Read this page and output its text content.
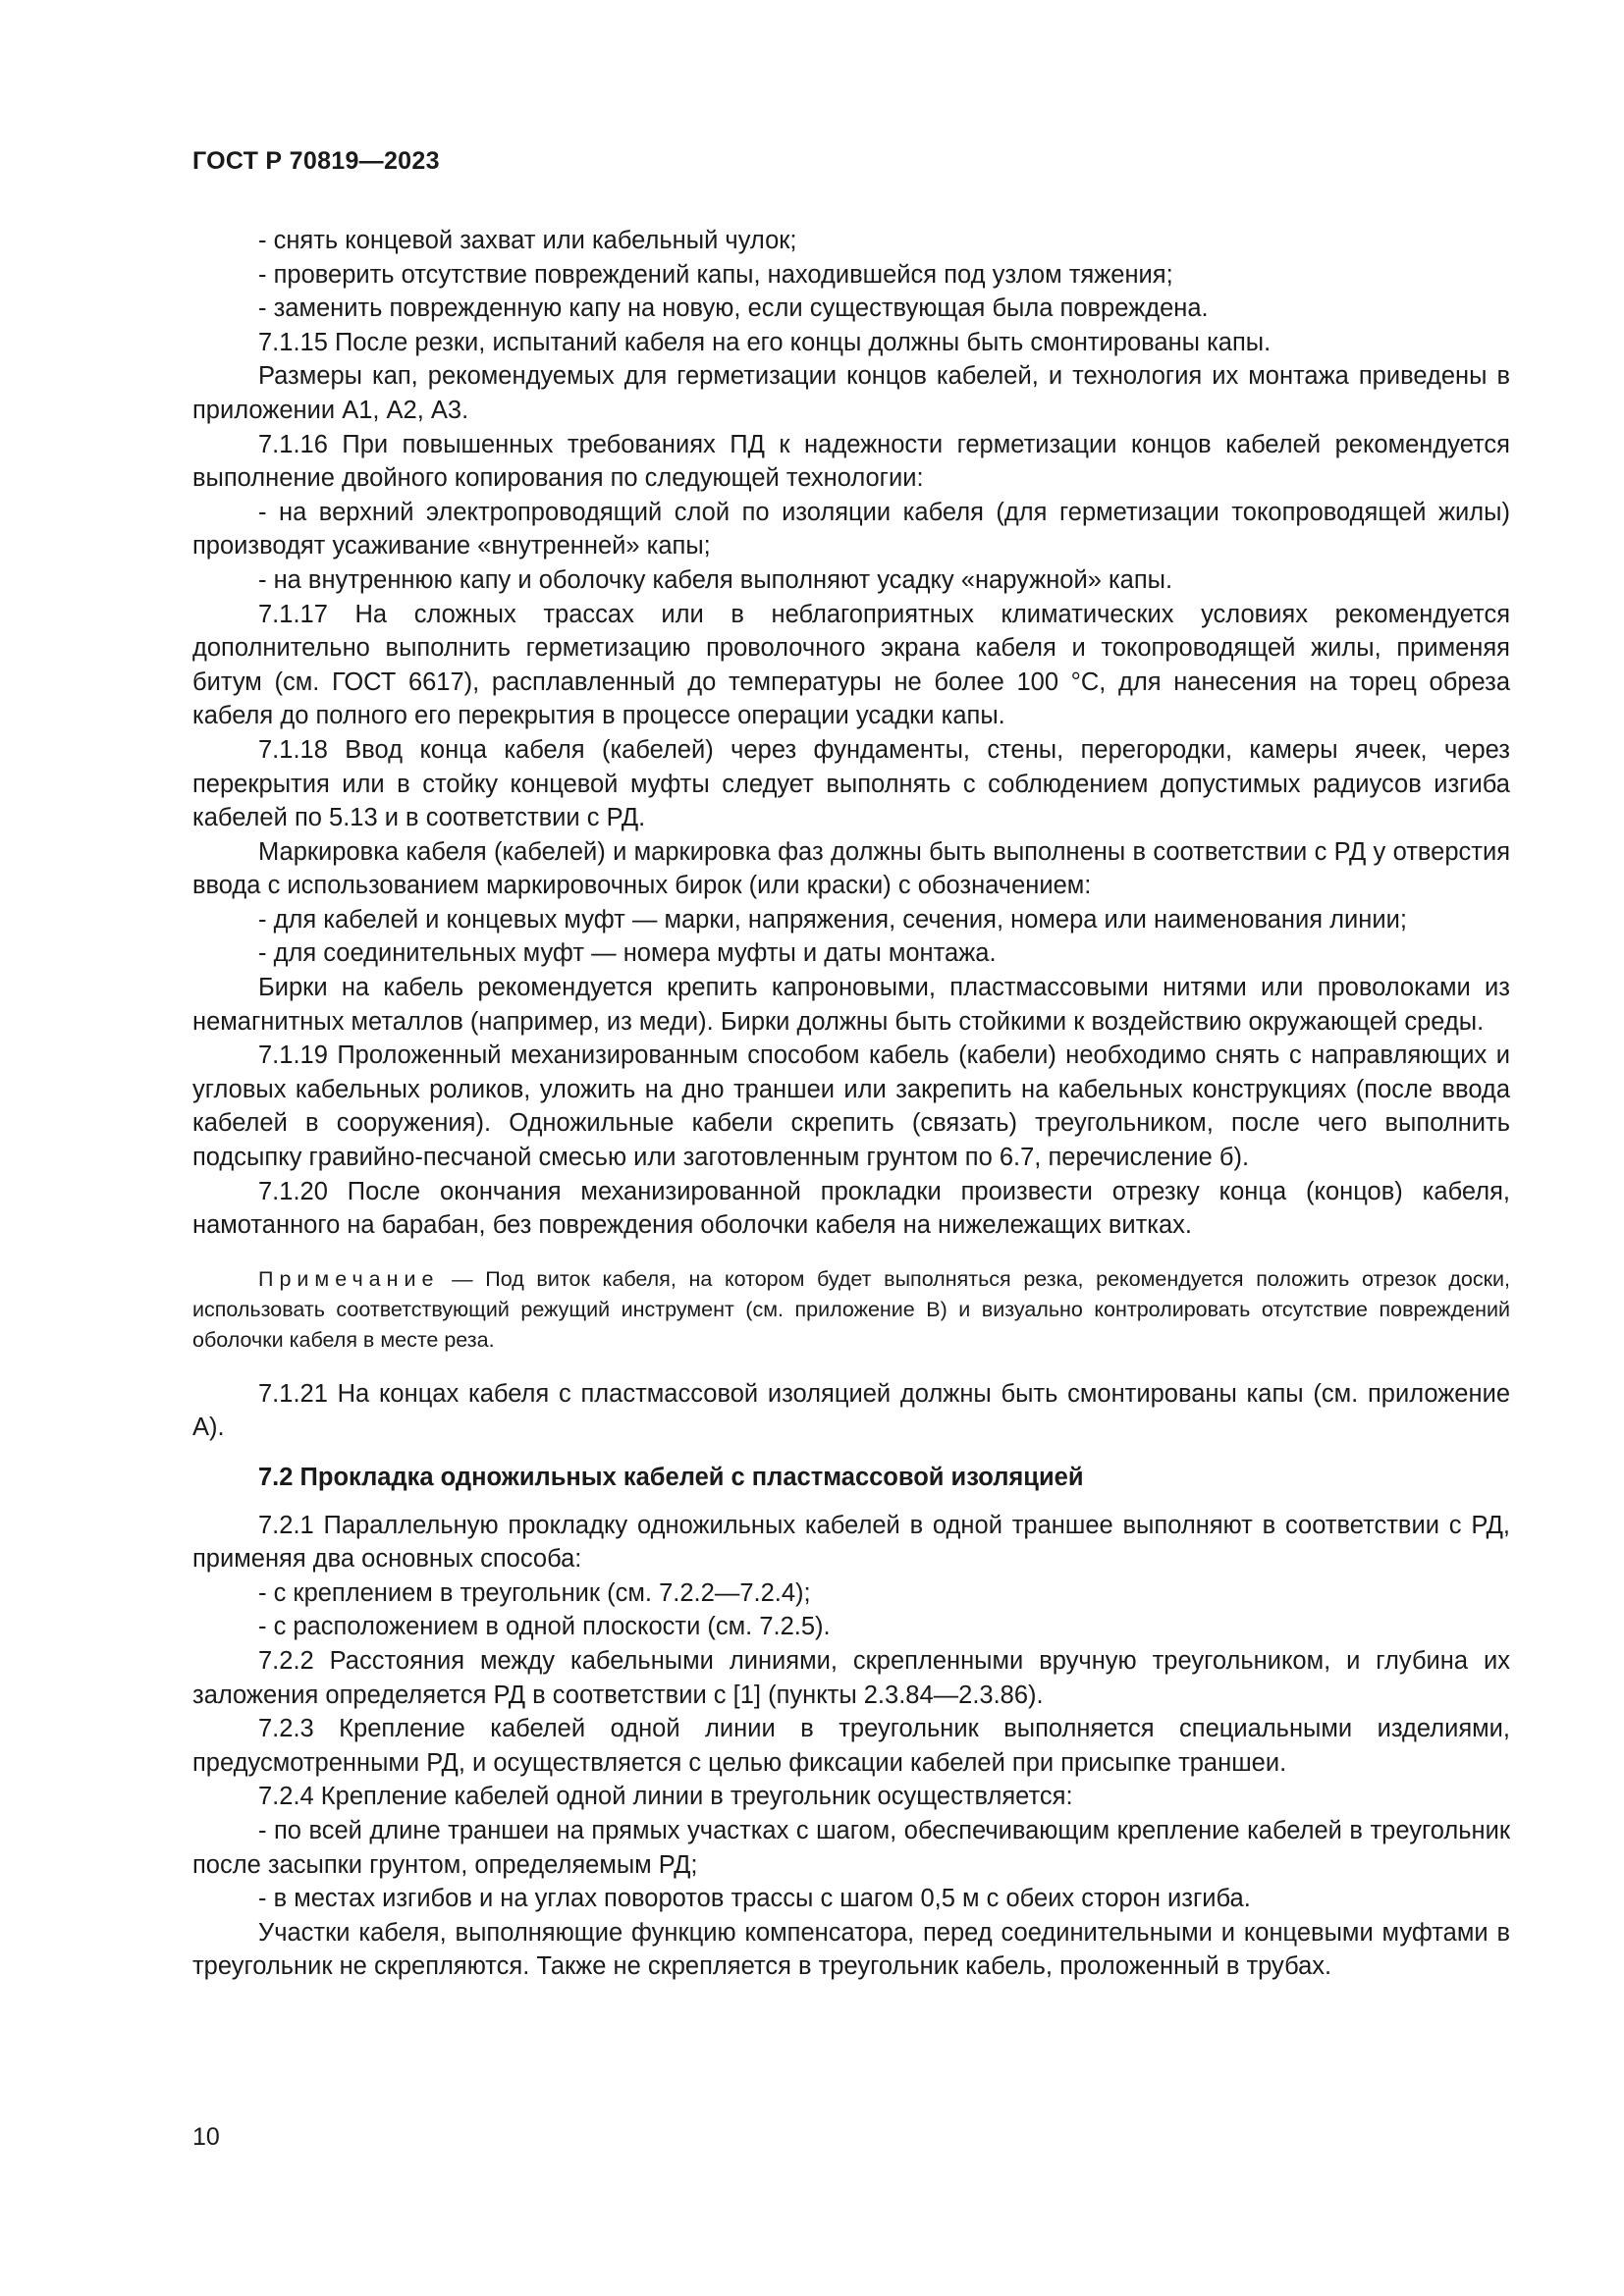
ГОСТ Р 70819—2023

- снять концевой захват или кабельный чулок;

- проверить отсутствие повреждений капы, находившейся под узлом тяжения;

- заменить поврежденную капу на новую, если существующая была повреждена.

7.1.15 После резки, испытаний кабеля на его концы должны быть смонтированы капы.

Размеры кап, рекомендуемых для герметизации концов кабелей, и технология их монтажа приведены в приложении А1, А2, А3.

7.1.16 При повышенных требованиях ПД к надежности герметизации концов кабелей рекомендуется выполнение двойного копирования по следующей технологии:

- на верхний электропроводящий слой по изоляции кабеля (для герметизации токопроводящей жилы) производят усаживание «внутренней» капы;

- на внутреннюю капу и оболочку кабеля выполняют усадку «наружной» капы.

7.1.17 На сложных трассах или в неблагоприятных климатических условиях рекомендуется дополнительно выполнить герметизацию проволочного экрана кабеля и токопроводящей жилы, применяя битум (см. ГОСТ 6617), расплавленный до температуры не более 100 °С, для нанесения на торец обреза кабеля до полного его перекрытия в процессе операции усадки капы.

7.1.18 Ввод конца кабеля (кабелей) через фундаменты, стены, перегородки, камеры ячеек, через перекрытия или в стойку концевой муфты следует выполнять с соблюдением допустимых радиусов изгиба кабелей по 5.13 и в соответствии с РД.

Маркировка кабеля (кабелей) и маркировка фаз должны быть выполнены в соответствии с РД у отверстия ввода с использованием маркировочных бирок (или краски) с обозначением:

- для кабелей и концевых муфт — марки, напряжения, сечения, номера или наименования линии;

- для соединительных муфт — номера муфты и даты монтажа.

Бирки на кабель рекомендуется крепить капроновыми, пластмассовыми нитями или проволоками из немагнитных металлов (например, из меди). Бирки должны быть стойкими к воздействию окружающей среды.

7.1.19 Проложенный механизированным способом кабель (кабели) необходимо снять с направляющих и угловых кабельных роликов, уложить на дно траншеи или закрепить на кабельных конструкциях (после ввода кабелей в сооружения). Одножильные кабели скрепить (связать) треугольником, после чего выполнить подсыпку гравийно-песчаной смесью или заготовленным грунтом по 6.7, перечисление б).

7.1.20 После окончания механизированной прокладки произвести отрезку конца (концов) кабеля, намотанного на барабан, без повреждения оболочки кабеля на нижележащих витках.

Примечание — Под виток кабеля, на котором будет выполняться резка, рекомендуется положить отрезок доски, использовать соответствующий режущий инструмент (см. приложение В) и визуально контролировать отсутствие повреждений оболочки кабеля в месте реза.

7.1.21 На концах кабеля с пластмассовой изоляцией должны быть смонтированы капы (см. приложение А).

7.2 Прокладка одножильных кабелей с пластмассовой изоляцией

7.2.1 Параллельную прокладку одножильных кабелей в одной траншее выполняют в соответствии с РД, применяя два основных способа:

- с креплением в треугольник (см. 7.2.2—7.2.4);

- с расположением в одной плоскости (см. 7.2.5).

7.2.2 Расстояния между кабельными линиями, скрепленными вручную треугольником, и глубина их заложения определяется РД в соответствии с [1] (пункты 2.3.84—2.3.86).

7.2.3 Крепление кабелей одной линии в треугольник выполняется специальными изделиями, предусмотренными РД, и осуществляется с целью фиксации кабелей при присыпке траншеи.

7.2.4 Крепление кабелей одной линии в треугольник осуществляется:

- по всей длине траншеи на прямых участках с шагом, обеспечивающим крепление кабелей в треугольник после засыпки грунтом, определяемым РД;

- в местах изгибов и на углах поворотов трассы с шагом 0,5 м с обеих сторон изгиба.

Участки кабеля, выполняющие функцию компенсатора, перед соединительными и концевыми муфтами в треугольник не скрепляются. Также не скрепляется в треугольник кабель, проложенный в трубах.

10
